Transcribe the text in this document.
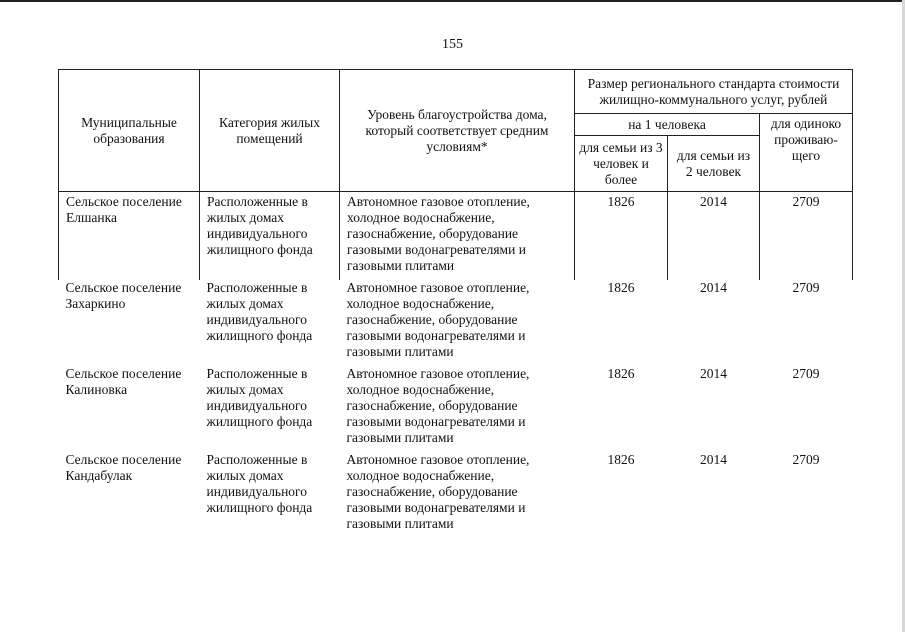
155
Муниципальные образования	Категория жилых помещений	Уровень благоустройства дома, который соответствует средним условиям*	Размер регионального стандарта стоимости жилищно-коммунального услуг, рублей		
			на 1 человека		для одиноко проживаю-щего
			для семьи из 3 человек и более	для семьи из 2 человек	
Сельское поселение Елшанка	Расположенные в жилых домах индивидуального жилищного фонда	Автономное газовое отопление, холодное водоснабжение, газоснабжение, оборудование газовыми водонагревателями и газовыми плитами	1826	2014	2709
Сельское поселение Захаркино	Расположенные в жилых домах индивидуального жилищного фонда	Автономное газовое отопление, холодное водоснабжение, газоснабжение, оборудование газовыми водонагревателями и газовыми плитами	1826	2014	2709
Сельское поселение Калиновка	Расположенные в жилых домах индивидуального жилищного фонда	Автономное газовое отопление, холодное водоснабжение, газоснабжение, оборудование газовыми водонагревателями и газовыми плитами	1826	2014	2709
Сельское поселение Кандабулак	Расположенные в жилых домах индивидуального жилищного фонда	Автономное газовое отопление, холодное водоснабжение, газоснабжение, оборудование газовыми водонагревателями и газовыми плитами	1826	2014	2709
